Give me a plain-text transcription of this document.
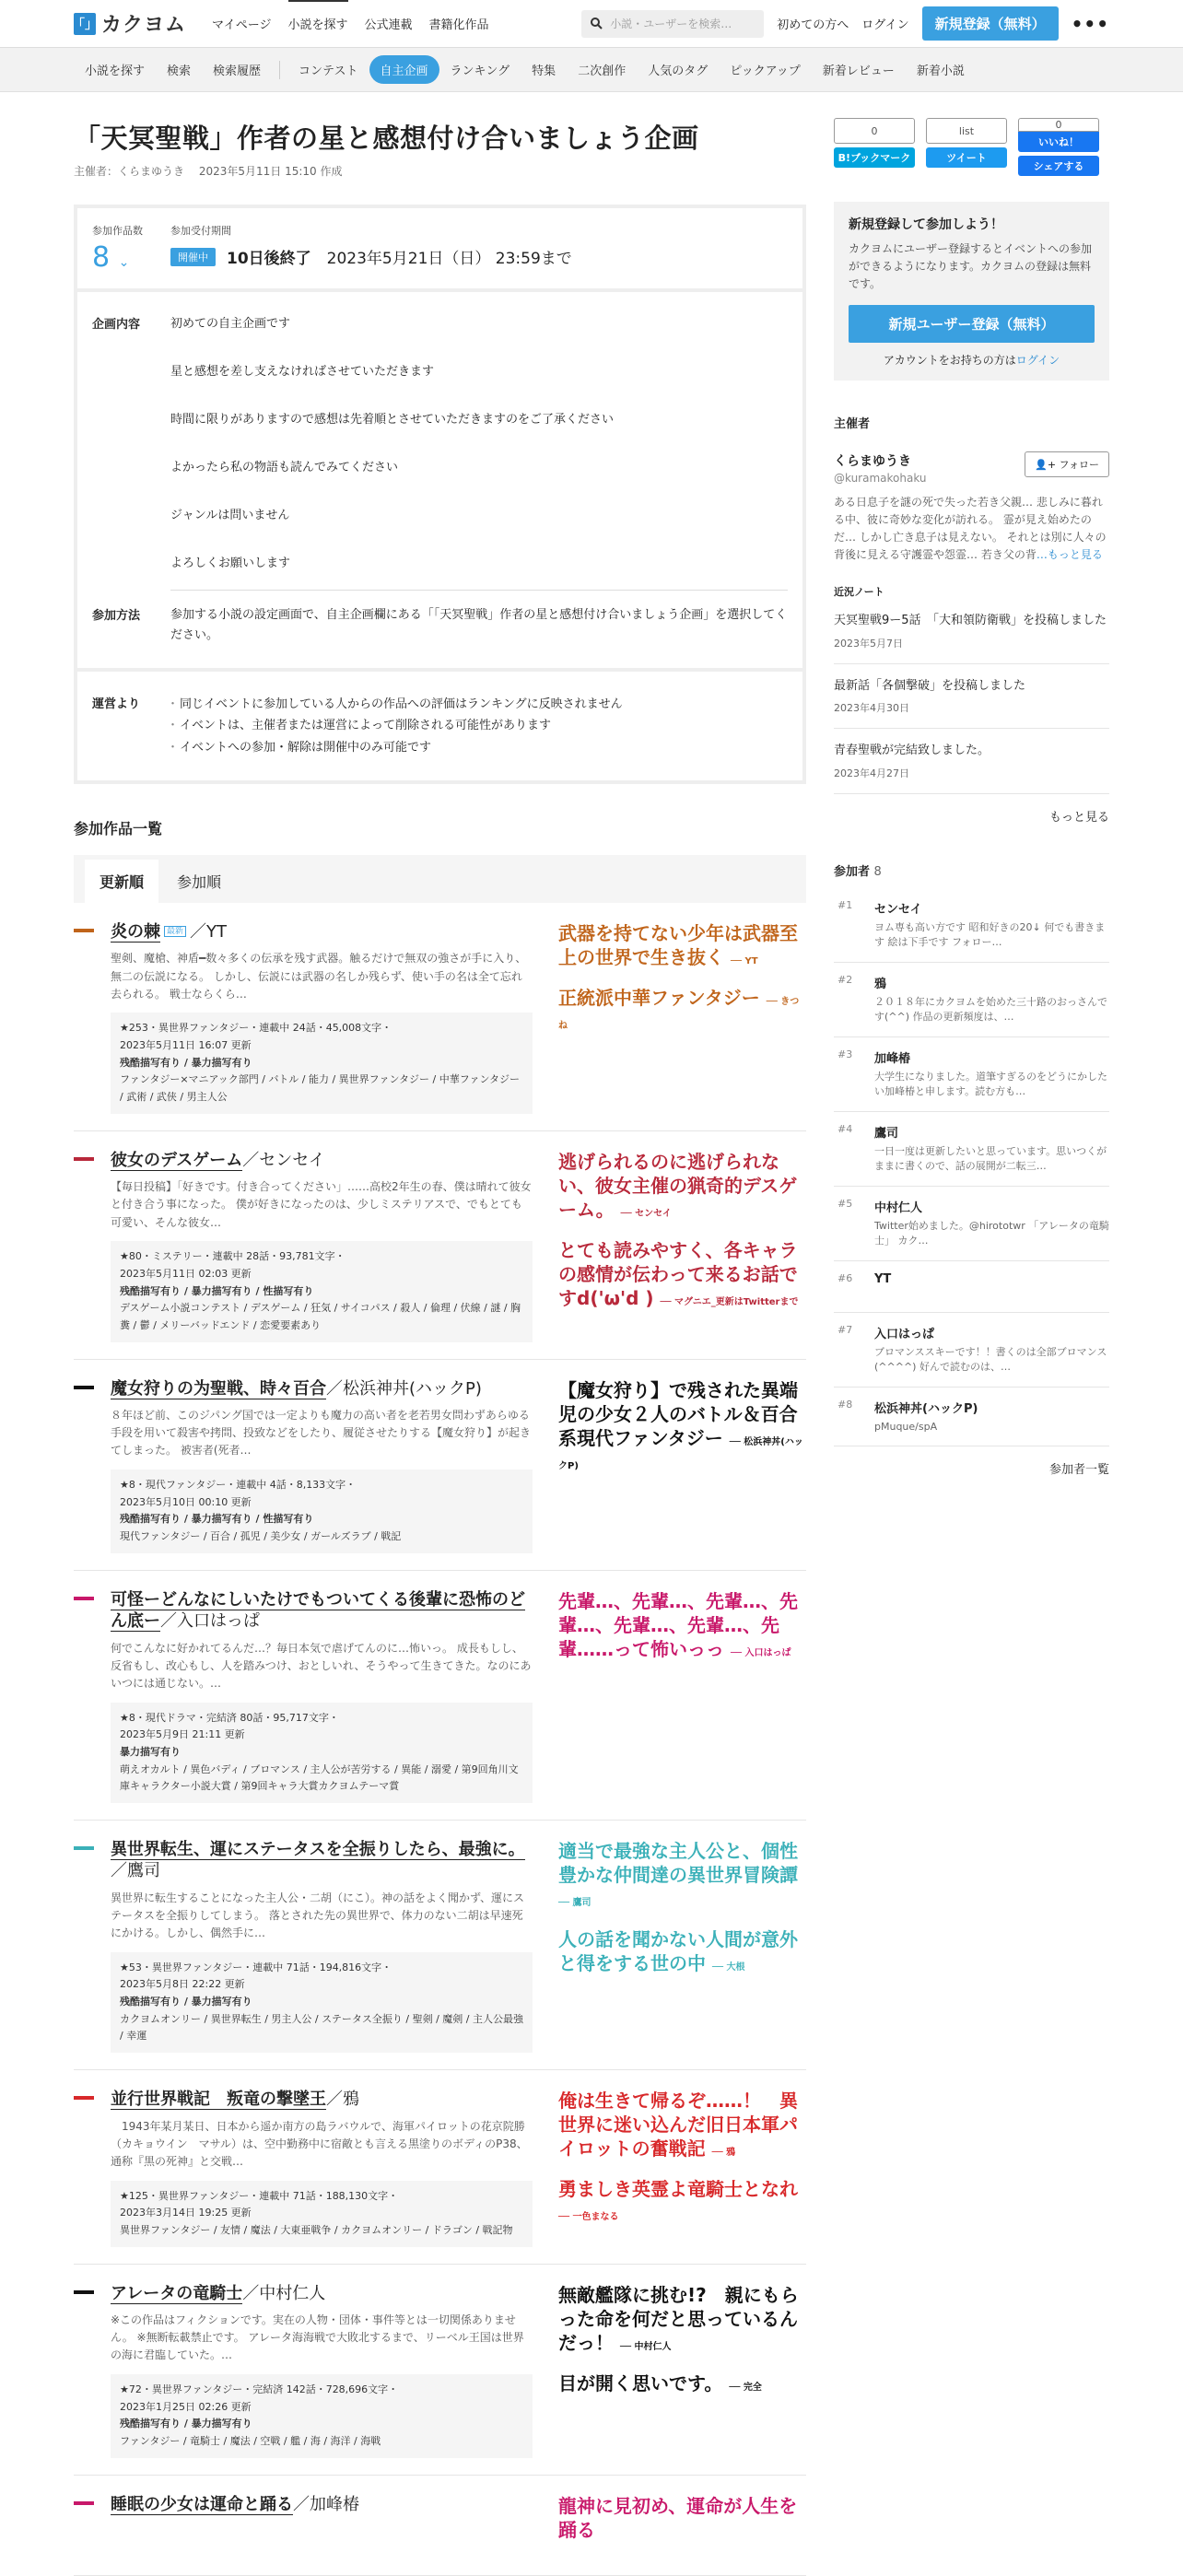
「」 カクヨム マイページ 小説を探す 公式連載 書籍化作品	小説・ユーザーを検索…	初めての方へ ログイン	新規登録（無料）	•••
小説を探す	検索	検索履歴	コンテスト	自主企画	ランキング	特集	二次創作	人気のタグ	ピックアップ	新着レビュー	新着小説
「天冥聖戦」作者の星と感想付け合いましょう企画
主催者：くらまゆうき　 2023年5月11日 15:10 作成
参加作品数
8 ⌄
参加受付期間
開催中	10日後終了　 2023年5月21日（日） 23:59まで
企画内容	初めての自主企画です

星と感想を差し支えなければさせていただきます

時間に限りがありますので感想は先着順とさせていただきますのをご了承ください

よかったら私の物語も読んでみてください

ジャンルは問いません

よろしくお願いします

参加方法	参加する小説の設定画面で、自主企画欄にある「「天冥聖戦」作者の星と感想付け合いましょう企画」を選択してください。
運営より
・	同じイベントに参加している人からの作品への評価はランキングに反映されません
・ イベントは、主催者または運営によって削除される可能性があります
・ イベントへの参加・解除は開催中のみ可能です
参加作品一覧
更新順	参加順
炎の棘 最新 ／YT
聖剣、魔槍、神盾━数々多くの伝承を残す武器。触るだけで無双の強さが手に入り、無二の伝説になる。 しかし、伝説には武器の名しか残らず、使い手の名は全て忘れ去られる。 戦士ならくら…
★253・異世界ファンタジー・連載中 24話・45,008文字・
2023年5月11日 16:07 更新
残酷描写有り / 暴力描写有り
ファンタジー×マニアック部門 / バトル / 能力 / 異世界ファンタジー / 中華ファンタジー / 武術 / 武侠 / 男主人公
武器を持てない少年は武器至上の世界で生き抜く ── YT
正統派中華ファンタジー ── きつね
彼女のデスゲーム／センセイ
【毎日投稿】「好きです。付き合ってください」……高校2年生の春、僕は晴れて彼女と付き合う事になった。 僕が好きになったのは、少しミステリアスで、でもとても可愛い、そんな彼女…
★80・ミステリー・連載中 28話・93,781文字・
2023年5月11日 02:03 更新
残酷描写有り / 暴力描写有り / 性描写有り
デスゲーム小説コンテスト / デスゲーム / 狂気 / サイコパス / 殺人 / 倫理 / 伏線 / 謎 / 胸糞 / 鬱 / メリーバッドエンド / 恋愛要素あり
逃げられるのに逃げられない、彼女主催の猟奇的デスゲーム。 ── センセイ
とても読みやすく、各キャラの感情が伝わって来るお話ですd('ω'd ) ── マグニエ_更新はTwitterまで
魔女狩りの为聖戦、時々百合／松浜神丼(ハックP)
８年ほど前、このジパング国では一定よりも魔力の高い者を老若男女問わずあらゆる手段を用いて殺害や拷問、投致などをしたり、履従させたりする【魔女狩り】が起きてしまった。 被害者(死者…
★8・現代ファンタジー・連載中 4話・8,133文字・
2023年5月10日 00:10 更新
残酷描写有り / 暴力描写有り / 性描写有り
現代ファンタジー / 百合 / 孤児 / 美少女 / ガールズラブ / 戦記
【魔女狩り】で残された異端児の少女２人のバトル＆百合系現代ファンタジー ── 松浜神丼(ハックP)
可怪ーどんなにしいたけでもついてくる後輩に恐怖のどん底ー／入口はっぱ
何でこんなに好かれてるんだ…？毎日本気で虐げてんのに…怖いっ。 成長もしし、反省もし、改心もし、人を踏みつけ、おとしいれ、そうやって生きてきた。なのにあいつには通じない。…
★8・現代ドラマ・完結済 80話・95,717文字・
2023年5月9日 21:11 更新
暴力描写有り
萌えオカルト / 異色バディ / ブロマンス / 主人公が苦労する / 異能 / 溺愛 / 第9回角川文庫キャラクター小説大賞 / 第9回キャラ大賞カクヨムテーマ賞
先輩…、先輩…、先輩…、先輩…、先輩…、先輩…、先輩……って怖いっっ ── 入口はっぱ
異世界転生、運にステータスを全振りしたら、最強に。／鷹司
異世界に転生することになった主人公・二胡（にこ）。神の話をよく聞かず、運にステータスを全振りしてしまう。 落とされた先の異世界で、体力のない二胡は早速死にかける。しかし、偶然手に…
★53・異世界ファンタジー・連載中 71話・194,816文字・
2023年5月8日 22:22 更新
残酷描写有り / 暴力描写有り
カクヨムオンリー / 異世界転生 / 男主人公 / ステータス全振り / 聖剣 / 魔剣 / 主人公最強 / 幸運
適当で最強な主人公と、個性豊かな仲間達の異世界冒険譚 ── 鷹司
人の話を聞かない人間が意外と得をする世の中 ── 大根
並行世界戦記　叛竜の撃墜王／鴉
　1943年某月某日、日本から遥か南方の島ラバウルで、海軍パイロットの花京院勝（カキョウイン　マサル）は、空中勤務中に宿敵とも言える黒塗りのボディのP38、通称『黒の死神』と交戦…
★125・異世界ファンタジー・連載中 71話・188,130文字・
2023年3月14日 19:25 更新
異世界ファンタジー / 友情 / 魔法 / 大東亜戦争 / カクヨムオンリー / ドラゴン / 戦記物
俺は生きて帰るぞ……！　異世界に迷い込んだ旧日本軍パイロットの奮戦記 ── 鴉
勇ましき英霊よ竜騎士となれ ── 一色まなる
アレータの竜騎士／中村仁人
※この作品はフィクションです。実在の人物・団体・事件等とは一切関係ありません。 ※無断転載禁止です。 アレータ海海戦で大敗北するまで、リーベル王国は世界の海に君臨していた。…
★72・異世界ファンタジー・完結済 142話・728,696文字・
2023年1月25日 02:26 更新
残酷描写有り / 暴力描写有り
ファンタジー / 竜騎士 / 魔法 / 空戦 / 艦 / 海 / 海洋 / 海戦
無敵艦隊に挑む!?　親にもらった命を何だと思っているんだっ！ ── 中村仁人
目が開く思いです。 ── 完全
睡眠の少女は運命と踊る／加峰椿	龍神に見初め、運命が人生を踊る
0
B!ブックマーク
list
ツイート
0
いいね！
シェアする
新規登録して参加しよう！

カクヨムにユーザー登録するとイベントへの参加ができるようになります。カクヨムの登録は無料です。

新規ユーザー登録（無料）
アカウントをお持ちの方はログイン
主催者
くらまゆうき
@kuramakohaku
👤+ フォロー
ある日息子を謎の死で失った若き父親… 悲しみに暮れる中、彼に奇妙な変化が訪れる。 霊が見え始めたのだ… しかし亡き息子は見えない。 それとは別に人々の背後に見える守護霊や怨霊… 若き父の背…もっと見る
近況ノート
天冥聖戦9ー5話　「大和領防衛戦」を投稿しました
2023年5月7日
最新話「各個撃破」を投稿しました
2023年4月30日
青春聖戦が完結致しました。
2023年4月27日
もっと見る
参加者 8
#1	センセイ
ヨム専も高い方です 昭和好きの20↓ 何でも書きます 絵は下手です フォロー…
#2	鴉
２０１８年にカクヨムを始めた三十路のおっさんです(^^) 作品の更新頻度は、…
#3	加峰椿
大学生になりました。道筆すぎるのをどうにかしたい加峰椿と申します。読む方も…
#4	鷹司
一日一度は更新したいと思っています。思いつくがままに書くので、話の展開が二転三…
#5	中村仁人
Twitter始めました。@hirototwr 「アレータの竜騎士」 カク…
#6	YT
#7	入口はっぱ
ブロマンススキーです！！書くのは全部ブロマンス(^^^^) 好んで読むのは、…
#8	松浜神丼(ハックP)
pMuque/spA
参加者一覧
